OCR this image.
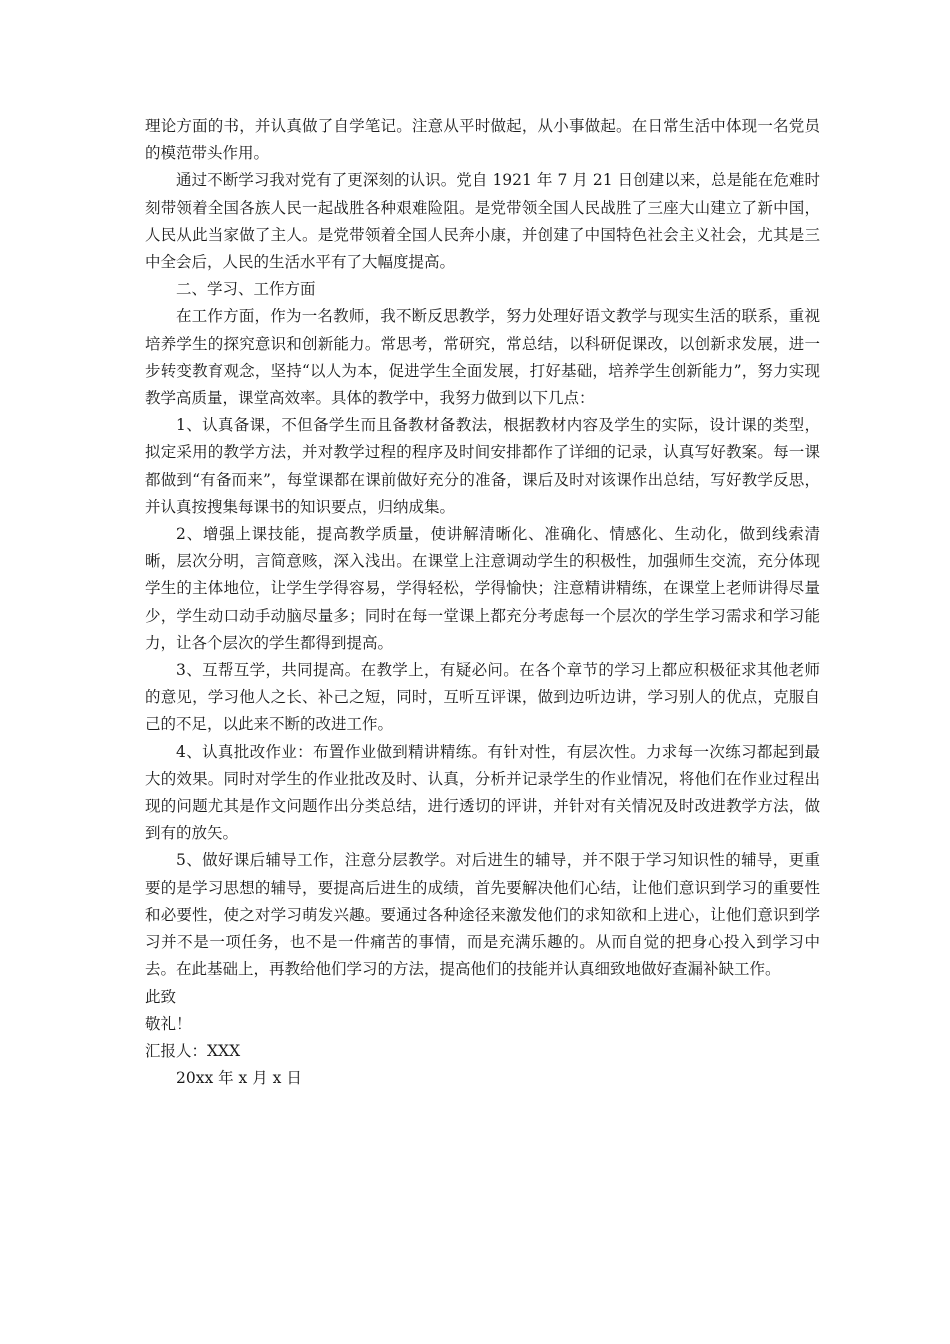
理论方面的书，并认真做了自学笔记。注意从平时做起，从小事做起。在日常生活中体现一名党员的模范带头作用。

通过不断学习我对党有了更深刻的认识。党自 1921 年 7 月 21 日创建以来，总是能在危难时刻带领着全国各族人民一起战胜各种艰难险阻。是党带领全国人民战胜了三座大山建立了新中国，人民从此当家做了主人。是党带领着全国人民奔小康，并创建了中国特色社会主义社会，尤其是三中全会后，人民的生活水平有了大幅度提高。

二、学习、工作方面

在工作方面，作为一名教师，我不断反思教学，努力处理好语文教学与现实生活的联系，重视培养学生的探究意识和创新能力。常思考，常研究，常总结，以科研促课改，以创新求发展，进一步转变教育观念，坚持“以人为本，促进学生全面发展，打好基础，培养学生创新能力”，努力实现教学高质量，课堂高效率。具体的教学中，我努力做到以下几点：

1、认真备课，不但备学生而且备教材备教法，根据教材内容及学生的实际，设计课的类型，拟定采用的教学方法，并对教学过程的程序及时间安排都作了详细的记录，认真写好教案。每一课都做到“有备而来”，每堂课都在课前做好充分的准备，课后及时对该课作出总结，写好教学反思，并认真按搜集每课书的知识要点，归纳成集。

2、增强上课技能，提高教学质量，使讲解清晰化、准确化、情感化、生动化，做到线索清晰，层次分明，言简意赅，深入浅出。在课堂上注意调动学生的积极性，加强师生交流，充分体现学生的主体地位，让学生学得容易，学得轻松，学得愉快；注意精讲精练，在课堂上老师讲得尽量少，学生动口动手动脑尽量多；同时在每一堂课上都充分考虑每一个层次的学生学习需求和学习能力，让各个层次的学生都得到提高。

3、互帮互学，共同提高。在教学上，有疑必问。在各个章节的学习上都应积极征求其他老师的意见，学习他人之长、补己之短，同时，互听互评课，做到边听边讲，学习别人的优点，克服自己的不足，以此来不断的改进工作。

4、认真批改作业：布置作业做到精讲精练。有针对性，有层次性。力求每一次练习都起到最大的效果。同时对学生的作业批改及时、认真，分析并记录学生的作业情况，将他们在作业过程出现的问题尤其是作文问题作出分类总结，进行透切的评讲，并针对有关情况及时改进教学方法，做到有的放矢。

5、做好课后辅导工作，注意分层教学。对后进生的辅导，并不限于学习知识性的辅导，更重要的是学习思想的辅导，要提高后进生的成绩，首先要解决他们心结，让他们意识到学习的重要性和必要性，使之对学习萌发兴趣。要通过各种途径来激发他们的求知欲和上进心，让他们意识到学习并不是一项任务，也不是一件痛苦的事情，而是充满乐趣的。从而自觉的把身心投入到学习中去。在此基础上，再教给他们学习的方法，提高他们的技能并认真细致地做好查漏补缺工作。

此致

敬礼！

汇报人：XXX

20xx 年 x 月 x 日
